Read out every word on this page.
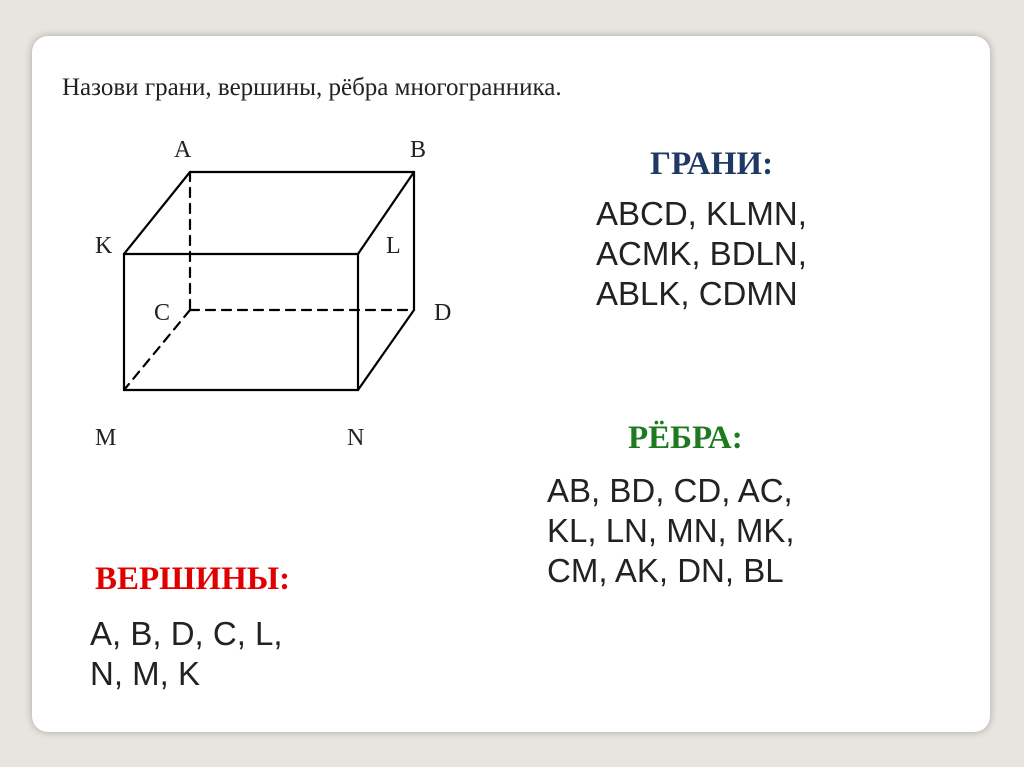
Назови грани, вершины, рёбра многогранника.
A	B
K	L
C	D
M	N
ГРАНИ:
ABCD, KLMN,
ACMK, BDLN,
ABLK, CDMN
РЁБРА:
AB, BD, CD, AC,
KL, LN, MN, MK,
CM, AK, DN, BL
ВЕРШИНЫ:
A, B, D, C, L,
N, M, K
